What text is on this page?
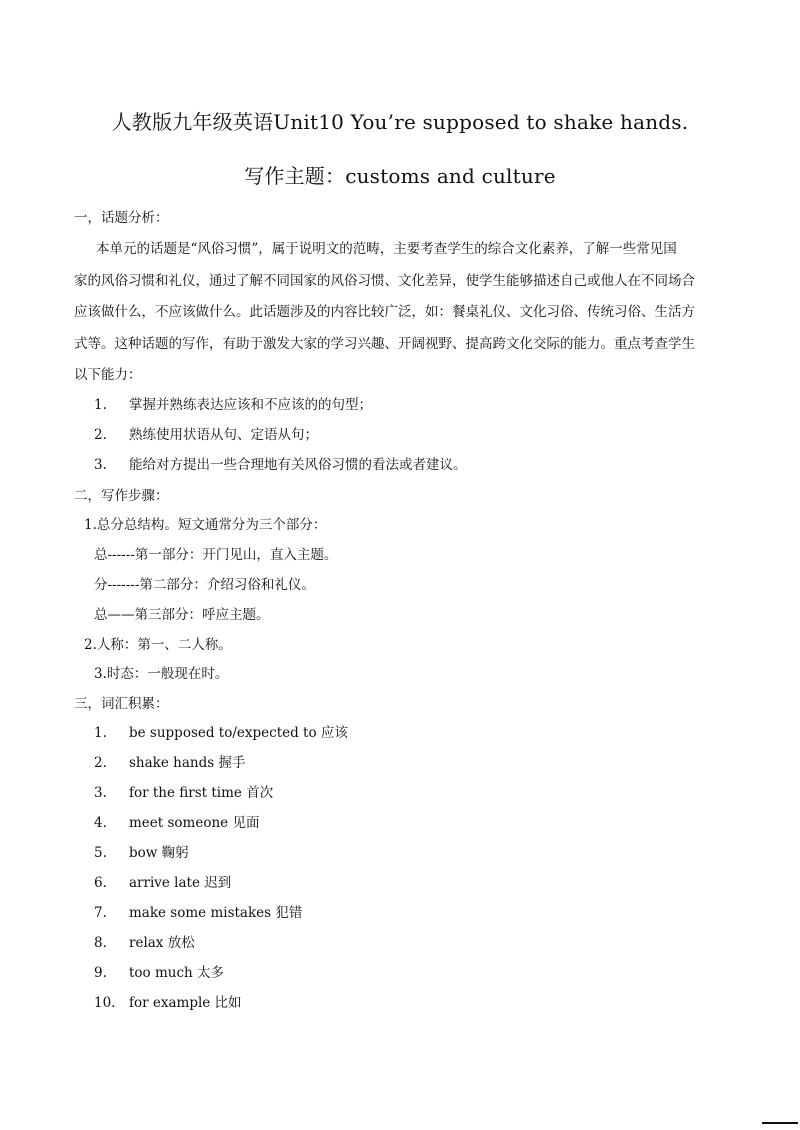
人教版九年级英语Unit10 You’re supposed to shake hands.
写作主题：customs and culture
一，话题分析：
本单元的话题是“风俗习惯”，属于说明文的范畴，主要考查学生的综合文化素养，了解一些常见国
家的风俗习惯和礼仪，通过了解不同国家的风俗习惯、文化差异，使学生能够描述自己或他人在不同场合
应该做什么，不应该做什么。此话题涉及的内容比较广泛，如：餐桌礼仪、文化习俗、传统习俗、生活方
式等。这种话题的写作，有助于激发大家的学习兴趣、开阔视野、提高跨文化交际的能力。重点考查学生
以下能力：
1. 掌握并熟练表达应该和不应该的的句型；
2. 熟练使用状语从句、定语从句；
3. 能给对方提出一些合理地有关风俗习惯的看法或者建议。
二，写作步骤：
1.总分总结构。短文通常分为三个部分：
总------第一部分：开门见山，直入主题。
分-------第二部分：介绍习俗和礼仪。
总——第三部分：呼应主题。
2.人称：第一、二人称。
3.时态：一般现在时。
三，词汇积累：
1. be supposed to/expected to 应该
2. shake hands 握手
3. for the first time 首次
4. meet someone 见面
5. bow 鞠躬
6. arrive late 迟到
7. make some mistakes 犯错
8. relax 放松
9. too much 太多
10. for example 比如
